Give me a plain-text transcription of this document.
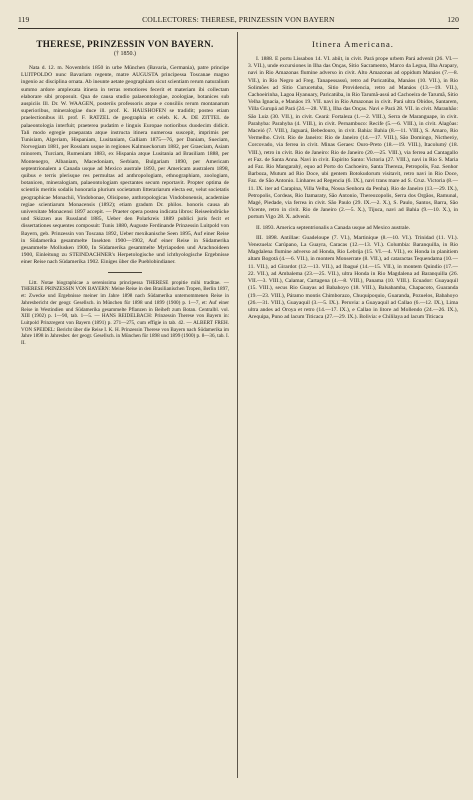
119	COLLECTORES: THERESE, PRINZESSIN VON BAYERN	120
THERESE, PRINZESSIN VON BAYERN.
(† 1850.)

Nata d. 12. m. Novembris 1850 in urbe München (Bavaria, Germania), patre principe LUITPOLDO nunc Bavariam regente, matre AUGUSTA principessa Toscanae magno ingenio ac disciplina ornata. Ab ineunte aetate geographiam sicut scientiam rerum naturalium summo ardore amplexata itinera in terras remotiores fecerit et materiam ibi collectam elaborare sibi proposuit. Qua de causa studio palaeontologiae, zoologiae, botanices sub auspiciis Ill. Dr. W. WAAGEN, posteriis professoris atque e consiliis rerum montanarum superioribus, mineralogiae duce ill. prof. K. HAUSHOFEN se tradidit; posteo etiam praelectionibus ill. prof. F. RATZEL de geographia et celeb. K. A. DE ZITTEL de palaeontologia interfuit; praeterea pudatim e linguis Europae notioribus duodecim didicit. Tali modo egregie praeparata atque instructa itinera numerosa suscepit, imprimis per Tunisiam, Algeriam, Hispaniam, Lusitaniam, Galliam 1875—76, per Daniam, Sueciam, Norvegiam 1881, per Rossiam usque in regiones Kalmueckorum 1882, per Graeciam, Asiam minorem, Turciam, Rumeniam 1883, ex Hispania atque Lusitania ad Brasiliam 1888, per Montenegro, Albaniam, Macedoniam, Serbiam, Bulgariam 1890, per Americam septentrionalem a Canada usque ad Mexico australe 1893, per Americam australem 1898, quibus e terris plerisque res permultas ad anthropologiam, ethnographiam, zoologiam, botanicen, mineralogiam, palaeontologiam spectantes secum reportavit. Propter optima de scientiis meritis sodalis honoraria plurium societatum litterariarum electa est, velut societatis geographicae Monachii, Vindobonae, Olisipone, anthropologicas Vindobonensis, academiae regiae scientiarum Monacensis (1892); etiam gradum Dr. philos. honoris causa ab universitate Monacensi 1897 accepit. — Praeter opera postea indicata libros: Reiseeindrücke und Skizzen aus Russland 1885, Ueber den Polarkreis 1889 publici juris fecit et dissertationes sequentes composuit: Tunis 1880, Auguste Ferdinande Prinzessin Luitpold von Bayern, geb. Prinzessin von Toscana 1892, Ueber mexikanische Seen 1895, Auf einer Reise in Südamerika gesammelte Insekten 1900—1902, Auf einer Reise in Südamerika gesammelte Mollusken 1900, In Südamerika gesammelte Myriapoden und Arachnoideen 1900, Einleitung zu STEINDACHNER's Herpetologische und ichthyologische Ergebnisse einer Reise nach Südamerika 1902. Einiges über die Pueblobindianer.

Litt. Notae biographicae a serenissima principessa THERESE propitie mihi traditae. — THERESE PRINZESSIN VON BAYERN: Meine Reise in den Brasilianischen Tropen, Berlin 1897, et: Zwecke und Ergebnisse meiner im Jahre 1898 nach Südamerika unternommenen Reise in Jahresbericht der geogr. Gesellsch. in München für 1898 und 1899 (1900) p. 1—7, et: Auf einer Reise in Westindien und Südamerika gesammelte Pflanzen in Beiheft zum Botan. Centralbl. vol. XIII (1902) p. 1—90, tab. 1—5. — HANS REIDELBACH: Prinzessin Therese von Bayern in: Luitpold Prinzregent von Bayern (1891) p. 271—275, cum effigie in tab. 42. — ALBERT FREH. VON SPEIDEL: Bericht über die Reise I. K. H. Prinzessin Therese von Bayern nach Südamerika im Jahre 1898 in Jahresber. der geogr. Gesellsch. in München für 1898 und 1899 (1900) p. 8—36, tab. I. II.

Itinera Americana.

I. 1888. E portu Lissabon 14. VI. abiit, in civit. Pará prope urbem Pará advenit (26. VI.—3. VII.), unde excursiones in Ilha das Onças, Sitio Sacramento, Marco da Legua, Ilha Arapary, navi in Rio Amazonas flumine adverso in civit. Alto Amazonas ad oppidum Manáos (7.—8. VII.), in Rio Negro ad Freg. Tanapessassú, retro ad Paricatúba, Manáos (10. VII.), in Rio Solimões ad Sitio Curucetuba, Sitio Providencia, retro ad Manáos (13.—19. VII.), Cachoeirinha, Lagoa Hyanuary, Paricatúba, in Rio Tarumã-assú ad Cachoeira de Tarumã, Sitio Velha Ignacia, e Manáos 19. VII. navi in Rio Amazonas in civit. Pará ultra Obidos, Santarem, Villa Gurupá ad Pará (24.—28. VII.), Ilha das Onças. Navi e Pará 28. VII. in civit. Maranhão: São Luiz (30. VII.), in civit. Ceará: Fortaleza (1.—2. VIII.), Serra de Maranguape, in civit. Parahyba: Parahyba (4. VIII.), in civit. Pernambuco: Recife (5.—6. VIII.), in civit. Alagôas: Maceió (7. VIII.), Jaguará, Bebedouro, in civit. Bahia: Bahia (8.—11. VIII.), S. Amaro, Rio Vermelho. Civit. Rio de Janeiro: Rio de Janeiro (14.—17. VIII.), São Domingo, Nictheróy, Corcovado, via ferrea in civit. Minas Geraes: Ouro-Preto (18.—19. VIII.), Itacolumý (18. VIII.), retro in civit. Rio de Janeiro: Rio de Janeiro (20.—25. VIII.), via ferrea ad Cantagallo et Faz. de Santa Anna. Navi in civit. Espirito Santo: Victoria (27. VIII.), navi in Rio S. Maria ad Faz. Rio Mangarahý, equo ad Porto do Cachoeiro, Santa Thereza, Petropolis, Faz. Senhor Barboza, Mutum ad Rio Doce, ubi gentem Botokudorum visitavit, retro navi in Rio Doce, Faz. de São Antonio. Linhares ad Regencia (6. IX.), navi trans mare ad S. Cruz. Victoria (8.—11. IX. iter ad Carapina, Villa Velha, Nossa Senhora da Penha). Rio de Janeiro (13.—29. IX.), Petropolis, Cordeas, Rio Itamaraty, São Antonio, Thereozopolis, Serra dos Orgãos, Ramunal, Magé, Piedade, via ferrea in civit. São Paulo (29. IX.—2. X.), S. Paulo, Santos, Barra, São Vicente, retro in civit. Rio de Janeiro (2.—5. X.), Tijuca, navi ad Bahia (9.—10. X.), in portum Vigo 28. X. advenit.

II. 1893. America septentrionalis a Canada usque ad Mexico australe.

III. 1898. Antillae: Guadeloupe (7. VI.), Martinique (8.—10. VI.). Trinidad (11. VI.). Venezuela: Carúpano, La Guayra, Caracas (12.—13. VI.). Columbia: Baranquilla, in Rio Magdalena flumine adverso ad Honda, Rio Lebrija (15. VI.—4. VII.), ex Honda in planitiem altam Bogotá (4.—6. VII.), in montem Monserrate (8. VII.), ad cataractas Tequendama (10.—11. VII.), ad Girardot (12.—13. VII.), ad Ibagué (14.—15. VII.), in montem Quindío (17.—22. VII.), ad Ambalema (23.—25. VII.), ultra Honda in Rio Magdalena ad Baranquilla (26. VII.—3. VIII.), Calamar, Cartagena (4.—8. VIII.), Panama (10. VIII.). Ecuador: Guayaquil (15. VIII.), secus Rio Guayas ad Babahoyo (18. VIII.), Balsabamba, Chapacoto, Guaranda (19.—23. VIII.), Páramo montis Chimborazo, Chuquipoquio, Guaranda, Pozuelos, Babahoyo (26.—31. VIII.), Guayaquil (3.—5. IX.). Peruvia: a Guayaquil ad Callao (6.—12. IX.), Lima ultra andes ad Oroya et retro (14.—17. IX.), e Callao in litore ad Mollendo (24.—26. IX.), Arequipa, Puno ad lacum Titicaca (27.—29. IX.). Bolivia: e Chililaya ad lacum Titicaca
